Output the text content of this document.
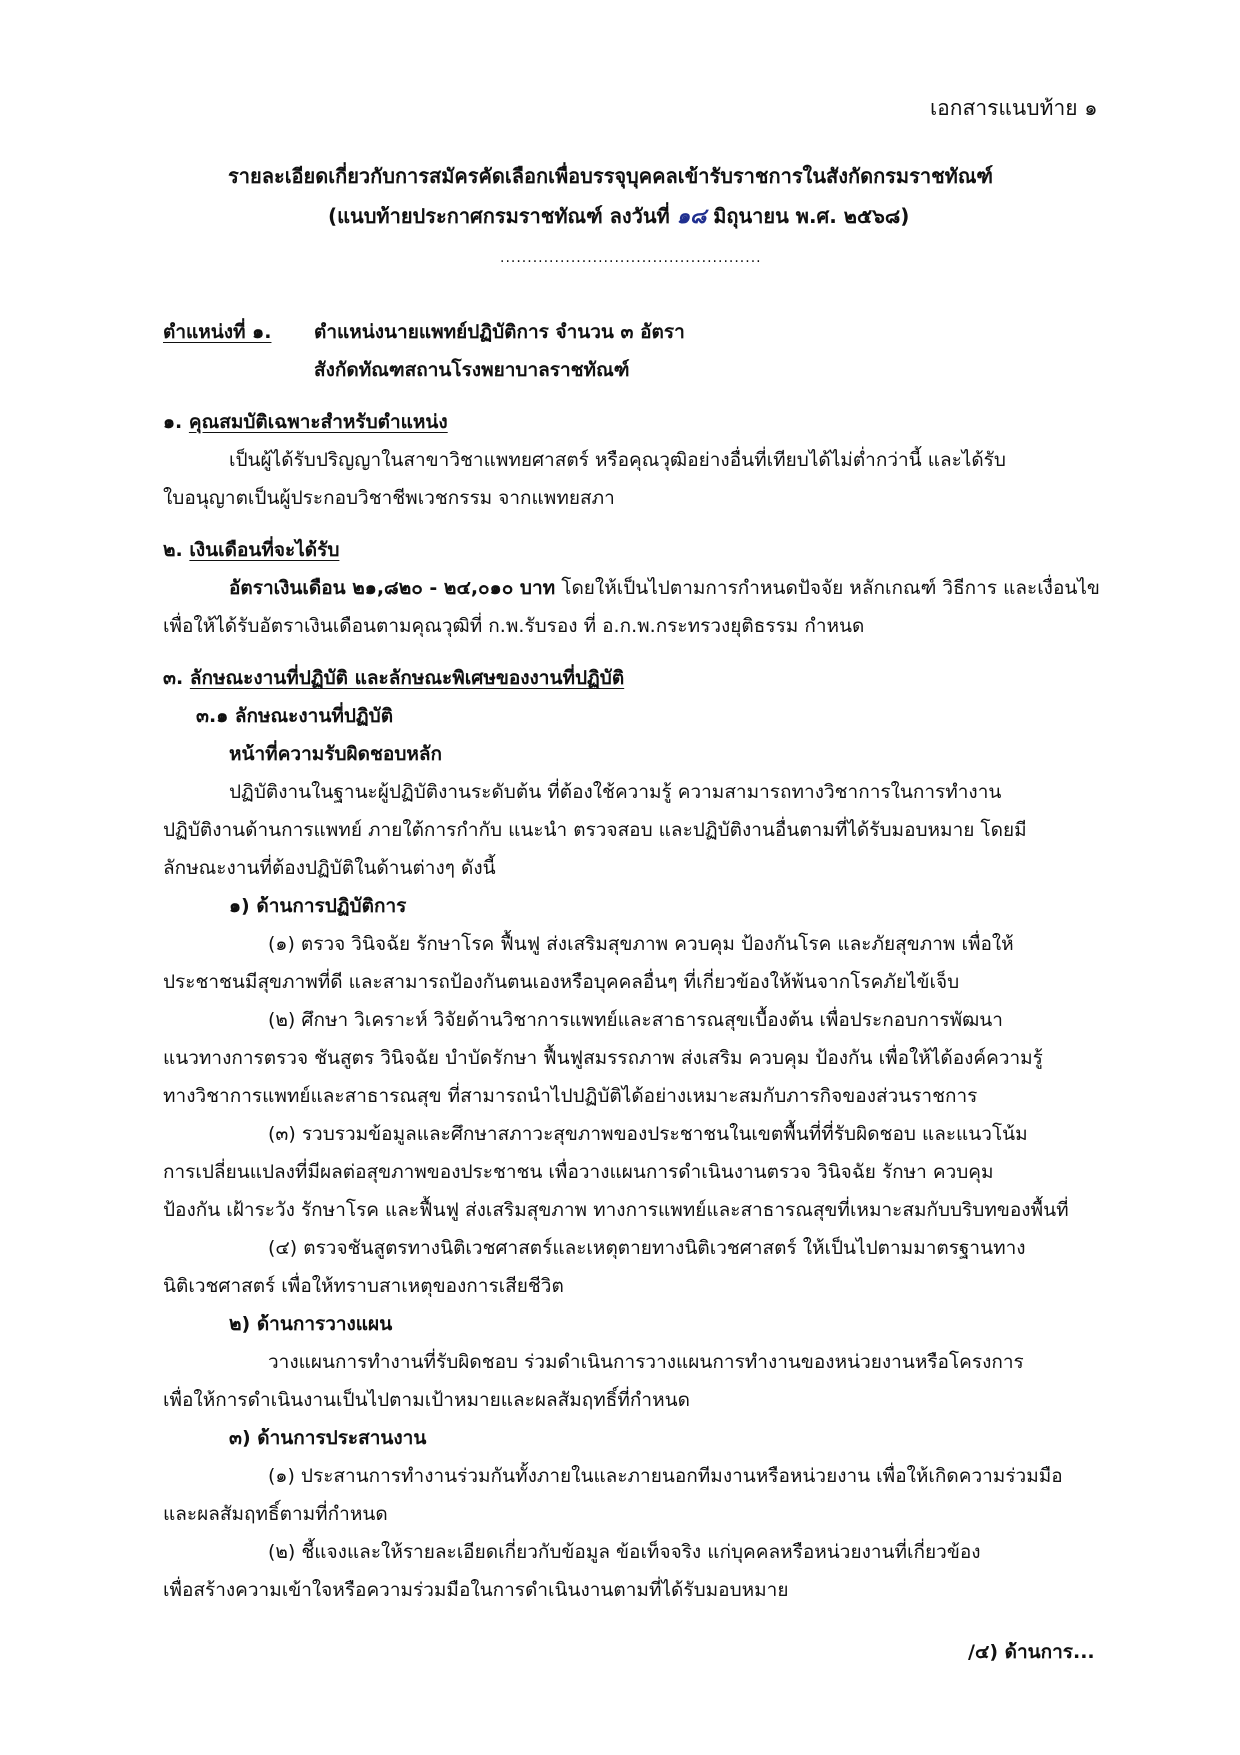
เอกสารแนบท้าย ๑
รายละเอียดเกี่ยวกับการสมัครคัดเลือกเพื่อบรรจุบุคคลเข้ารับราชการในสังกัดกรมราชทัณฑ์
(แนบท้ายประกาศกรมราชทัณฑ์ ลงวันที่ ๑๘ มิถุนายน พ.ศ. ๒๕๖๘)
................................................
ตำแหน่งที่ ๑. ตำแหน่งนายแพทย์ปฏิบัติการ จำนวน ๓ อัตรา
สังกัดทัณฑสถานโรงพยาบาลราชทัณฑ์
๑. คุณสมบัติเฉพาะสำหรับตำแหน่ง
เป็นผู้ได้รับปริญญาในสาขาวิชาแพทยศาสตร์ หรือคุณวุฒิอย่างอื่นที่เทียบได้ไม่ต่ำกว่านี้ และได้รับ
ใบอนุญาตเป็นผู้ประกอบวิชาชีพเวชกรรม จากแพทยสภา
๒. เงินเดือนที่จะได้รับ
อัตราเงินเดือน ๒๑,๘๒๐ - ๒๔,๐๑๐ บาท โดยให้เป็นไปตามการกำหนดปัจจัย หลักเกณฑ์ วิธีการ และเงื่อนไข
เพื่อให้ได้รับอัตราเงินเดือนตามคุณวุฒิที่ ก.พ.รับรอง ที่ อ.ก.พ.กระทรวงยุติธรรม กำหนด
๓. ลักษณะงานที่ปฏิบัติ และลักษณะพิเศษของงานที่ปฏิบัติ
๓.๑ ลักษณะงานที่ปฏิบัติ
หน้าที่ความรับผิดชอบหลัก
ปฏิบัติงานในฐานะผู้ปฏิบัติงานระดับต้น ที่ต้องใช้ความรู้ ความสามารถทางวิชาการในการทำงาน
ปฏิบัติงานด้านการแพทย์ ภายใต้การกำกับ แนะนำ ตรวจสอบ และปฏิบัติงานอื่นตามที่ได้รับมอบหมาย โดยมี
ลักษณะงานที่ต้องปฏิบัติในด้านต่างๆ ดังนี้
๑) ด้านการปฏิบัติการ
(๑) ตรวจ วินิจฉัย รักษาโรค ฟื้นฟู ส่งเสริมสุขภาพ ควบคุม ป้องกันโรค และภัยสุขภาพ เพื่อให้
ประชาชนมีสุขภาพที่ดี และสามารถป้องกันตนเองหรือบุคคลอื่นๆ ที่เกี่ยวข้องให้พ้นจากโรคภัยไข้เจ็บ
(๒) ศึกษา วิเคราะห์ วิจัยด้านวิชาการแพทย์และสาธารณสุขเบื้องต้น เพื่อประกอบการพัฒนา
แนวทางการตรวจ ชันสูตร วินิจฉัย บำบัดรักษา ฟื้นฟูสมรรถภาพ ส่งเสริม ควบคุม ป้องกัน เพื่อให้ได้องค์ความรู้
ทางวิชาการแพทย์และสาธารณสุข ที่สามารถนำไปปฏิบัติได้อย่างเหมาะสมกับภารกิจของส่วนราชการ
(๓) รวบรวมข้อมูลและศึกษาสภาวะสุขภาพของประชาชนในเขตพื้นที่ที่รับผิดชอบ และแนวโน้ม
การเปลี่ยนแปลงที่มีผลต่อสุขภาพของประชาชน เพื่อวางแผนการดำเนินงานตรวจ วินิจฉัย รักษา ควบคุม
ป้องกัน เฝ้าระวัง รักษาโรค และฟื้นฟู ส่งเสริมสุขภาพ ทางการแพทย์และสาธารณสุขที่เหมาะสมกับบริบทของพื้นที่
(๔) ตรวจชันสูตรทางนิติเวชศาสตร์และเหตุตายทางนิติเวชศาสตร์ ให้เป็นไปตามมาตรฐานทาง
นิติเวชศาสตร์ เพื่อให้ทราบสาเหตุของการเสียชีวิต
๒) ด้านการวางแผน
วางแผนการทำงานที่รับผิดชอบ ร่วมดำเนินการวางแผนการทำงานของหน่วยงานหรือโครงการ
เพื่อให้การดำเนินงานเป็นไปตามเป้าหมายและผลสัมฤทธิ์ที่กำหนด
๓) ด้านการประสานงาน
(๑) ประสานการทำงานร่วมกันทั้งภายในและภายนอกทีมงานหรือหน่วยงาน เพื่อให้เกิดความร่วมมือ
และผลสัมฤทธิ์ตามที่กำหนด
(๒) ชี้แจงและให้รายละเอียดเกี่ยวกับข้อมูล ข้อเท็จจริง แก่บุคคลหรือหน่วยงานที่เกี่ยวข้อง
เพื่อสร้างความเข้าใจหรือความร่วมมือในการดำเนินงานตามที่ได้รับมอบหมาย
/๔) ด้านการ...
